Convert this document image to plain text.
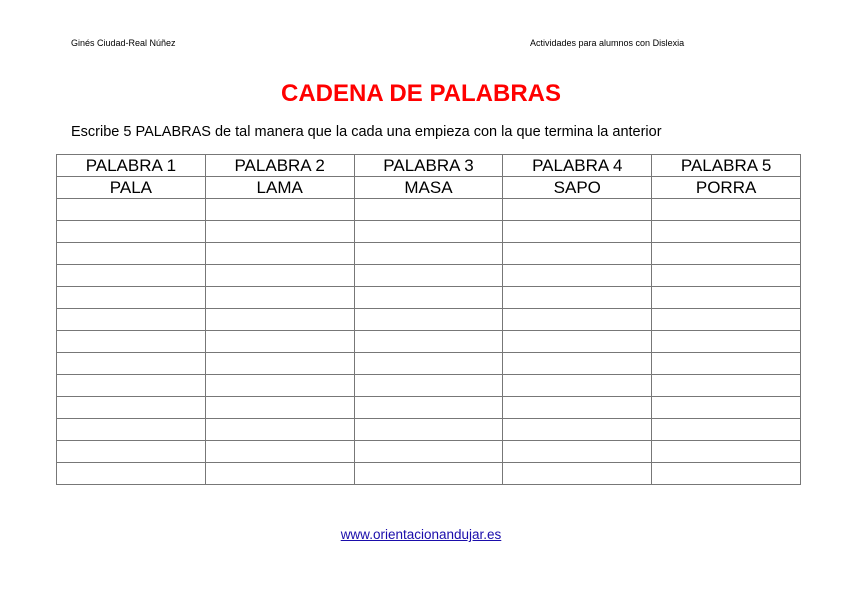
Ginés Ciudad-Real Núñez	Actividades para alumnos con Dislexia
CADENA DE PALABRAS
Escribe 5 PALABRAS de tal manera que la cada una empieza con la que termina la anterior
PALABRA 1	PALABRA 2	PALABRA 3	PALABRA 4	PALABRA 5
PALA	LAMA	MASA	SAPO	PORRA

www.orientacionandujar.es
